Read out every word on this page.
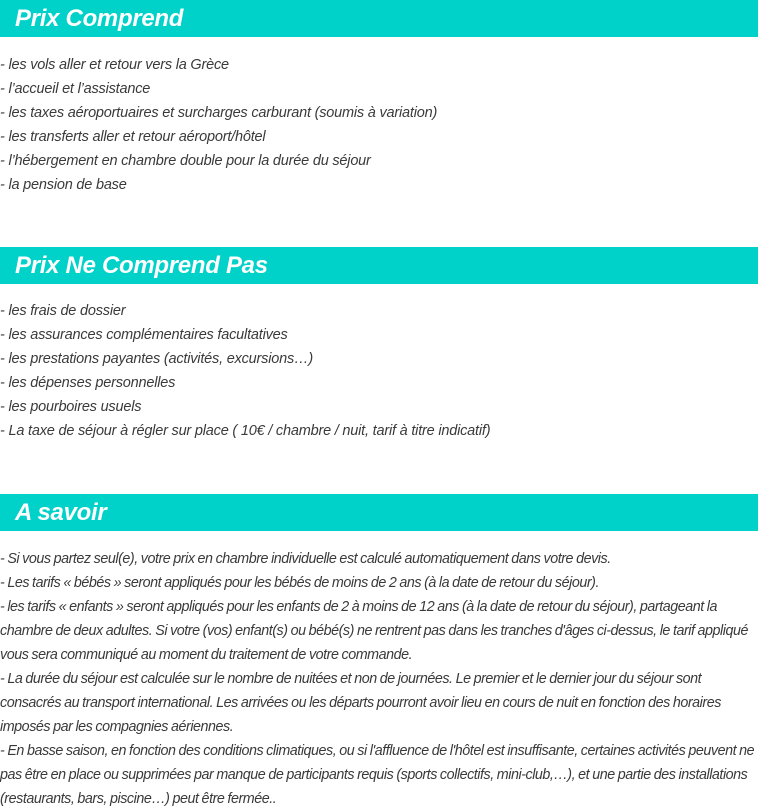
Prix Comprend
- les vols aller et retour vers la Grèce
- l’accueil et l’assistance
- les taxes aéroportuaires et surcharges carburant (soumis à variation)
- les transferts aller et retour aéroport/hôtel
- l’hébergement en chambre double pour la durée du séjour
- la pension de base
Prix Ne Comprend Pas
- les frais de dossier
- les assurances complémentaires facultatives
- les prestations payantes (activités, excursions…)
- les dépenses personnelles
- les pourboires usuels
- La taxe de séjour à régler sur place ( 10€ / chambre / nuit, tarif à titre indicatif)
A savoir

- Si vous partez seul(e), votre prix en chambre individuelle est calculé automatiquement dans votre devis.

- Les tarifs « bébés » seront appliqués pour les bébés de moins de 2 ans (à la date de retour du séjour).

- les tarifs « enfants » seront appliqués pour les enfants de 2 à moins de 12 ans (à la date de retour du séjour), partageant la chambre de deux adultes. Si votre (vos) enfant(s) ou bébé(s) ne rentrent pas dans les tranches d'âges ci-dessus, le tarif appliqué vous sera communiqué au moment du traitement de votre commande.

- La durée du séjour est calculée sur le nombre de nuitées et non de journées. Le premier et le dernier jour du séjour sont consacrés au transport international. Les arrivées ou les départs pourront avoir lieu en cours de nuit en fonction des horaires imposés par les compagnies aériennes.

- En basse saison, en fonction des conditions climatiques, ou si l'affluence de l'hôtel est insuffisante, certaines activités peuvent ne pas être en place ou supprimées par manque de participants requis (sports collectifs, mini-club,…), et une partie des installations (restaurants, bars, piscine…) peut être fermée..
